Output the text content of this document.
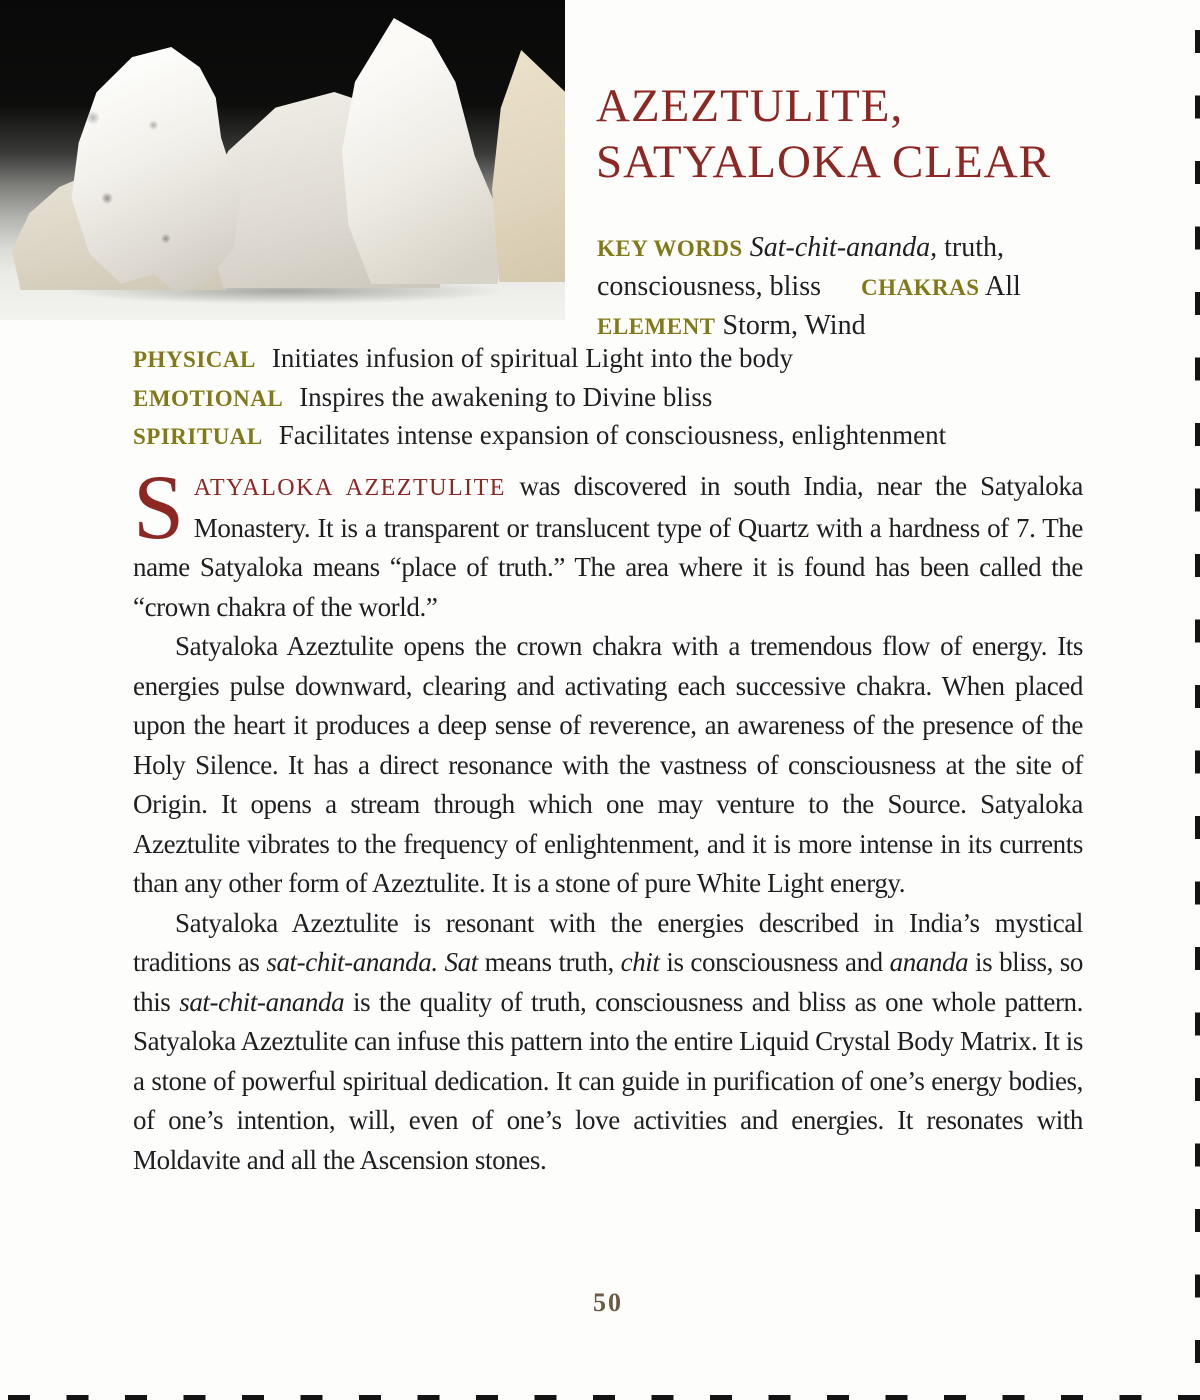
AZEZTULITE,
SATYALOKA CLEAR
KEY WORDS Sat-chit-ananda, truth, consciousness, bliss CHAKRAS All
ELEMENT Storm, Wind
PHYSICAL Initiates infusion of spiritual Light into the body
EMOTIONAL Inspires the awakening to Divine bliss
SPIRITUAL Facilitates intense expansion of consciousness, enlightenment

SATYALOKA AZEZTULITE was discovered in south India, near the Satyaloka Monastery. It is a transparent or translucent type of Quartz with a hardness of 7. The name Satyaloka means “place of truth.” The area where it is found has been called the “crown chakra of the world.”

Satyaloka Azeztulite opens the crown chakra with a tremendous flow of energy. Its energies pulse downward, clearing and activating each successive chakra. When placed upon the heart it produces a deep sense of reverence, an awareness of the presence of the Holy Silence. It has a direct resonance with the vastness of consciousness at the site of Origin. It opens a stream through which one may venture to the Source. Satyaloka Azeztulite vibrates to the frequency of enlightenment, and it is more intense in its currents than any other form of Azeztulite. It is a stone of pure White Light energy.

Satyaloka Azeztulite is resonant with the energies described in India’s mystical traditions as sat-chit-ananda. Sat means truth, chit is consciousness and ananda is bliss, so this sat-chit-ananda is the quality of truth, consciousness and bliss as one whole pattern. Satyaloka Azeztulite can infuse this pattern into the entire Liquid Crystal Body Matrix. It is a stone of powerful spiritual dedication. It can guide in purification of one’s energy bodies, of one’s intention, will, even of one’s love activities and energies. It resonates with Moldavite and all the Ascension stones.

50
